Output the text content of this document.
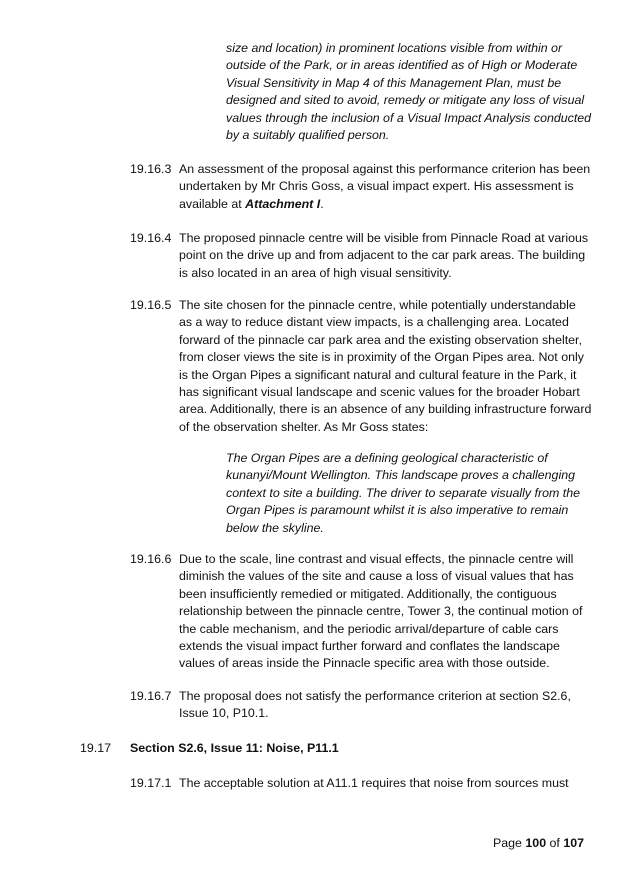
size and location) in prominent locations visible from within or outside of the Park, or in areas identified as of High or Moderate Visual Sensitivity in Map 4 of this Management Plan, must be designed and sited to avoid, remedy or mitigate any loss of visual values through the inclusion of a Visual Impact Analysis conducted by a suitably qualified person.

19.16.3 An assessment of the proposal against this performance criterion has been undertaken by Mr Chris Goss, a visual impact expert. His assessment is available at Attachment I.
19.16.4 The proposed pinnacle centre will be visible from Pinnacle Road at various point on the drive up and from adjacent to the car park areas. The building is also located in an area of high visual sensitivity.
19.16.5 The site chosen for the pinnacle centre, while potentially understandable as a way to reduce distant view impacts, is a challenging area. Located forward of the pinnacle car park area and the existing observation shelter, from closer views the site is in proximity of the Organ Pipes area. Not only is the Organ Pipes a significant natural and cultural feature in the Park, it has significant visual landscape and scenic values for the broader Hobart area. Additionally, there is an absence of any building infrastructure forward of the observation shelter. As Mr Goss states:

The Organ Pipes are a defining geological characteristic of kunanyi/Mount Wellington. This landscape proves a challenging context to site a building. The driver to separate visually from the Organ Pipes is paramount whilst it is also imperative to remain below the skyline.

19.16.6 Due to the scale, line contrast and visual effects, the pinnacle centre will diminish the values of the site and cause a loss of visual values that has been insufficiently remedied or mitigated. Additionally, the contiguous relationship between the pinnacle centre, Tower 3, the continual motion of the cable mechanism, and the periodic arrival/departure of cable cars extends the visual impact further forward and conflates the landscape values of areas inside the Pinnacle specific area with those outside.
19.16.7 The proposal does not satisfy the performance criterion at section S2.6, Issue 10, P10.1.
19.17 Section S2.6, Issue 11: Noise, P11.1
19.17.1 The acceptable solution at A11.1 requires that noise from sources must
Page 100 of 107
